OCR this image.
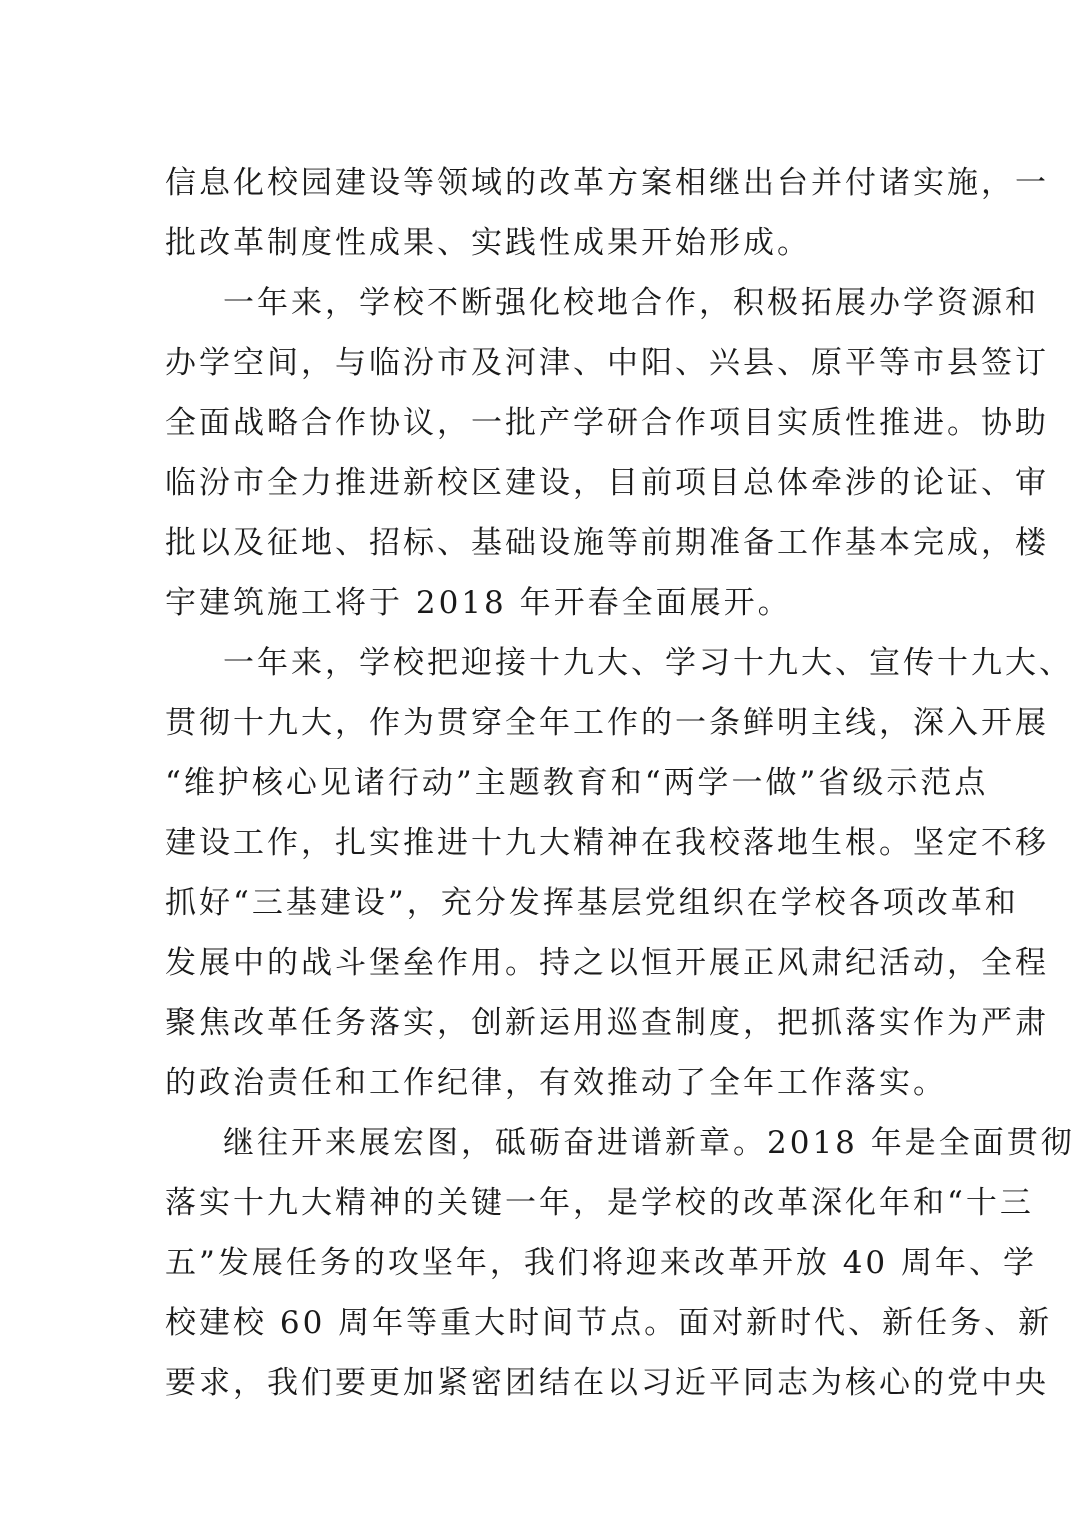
信息化校园建设等领域的改革方案相继出台并付诸实施，一
批改革制度性成果、实践性成果开始形成。

一年来，学校不断强化校地合作，积极拓展办学资源和
办学空间，与临汾市及河津、中阳、兴县、原平等市县签订
全面战略合作协议，一批产学研合作项目实质性推进。协助
临汾市全力推进新校区建设，目前项目总体牵涉的论证、审
批以及征地、招标、基础设施等前期准备工作基本完成，楼
宇建筑施工将于 2018 年开春全面展开。

一年来，学校把迎接十九大、学习十九大、宣传十九大、
贯彻十九大，作为贯穿全年工作的一条鲜明主线，深入开展
“维护核心见诸行动”主题教育和“两学一做”省级示范点
建设工作，扎实推进十九大精神在我校落地生根。坚定不移
抓好“三基建设”，充分发挥基层党组织在学校各项改革和
发展中的战斗堡垒作用。持之以恒开展正风肃纪活动，全程
聚焦改革任务落实，创新运用巡查制度，把抓落实作为严肃
的政治责任和工作纪律，有效推动了全年工作落实。

继往开来展宏图，砥砺奋进谱新章。2018 年是全面贯彻
落实十九大精神的关键一年，是学校的改革深化年和“十三
五”发展任务的攻坚年，我们将迎来改革开放 40 周年、学
校建校 60 周年等重大时间节点。面对新时代、新任务、新
要求，我们要更加紧密团结在以习近平同志为核心的党中央
